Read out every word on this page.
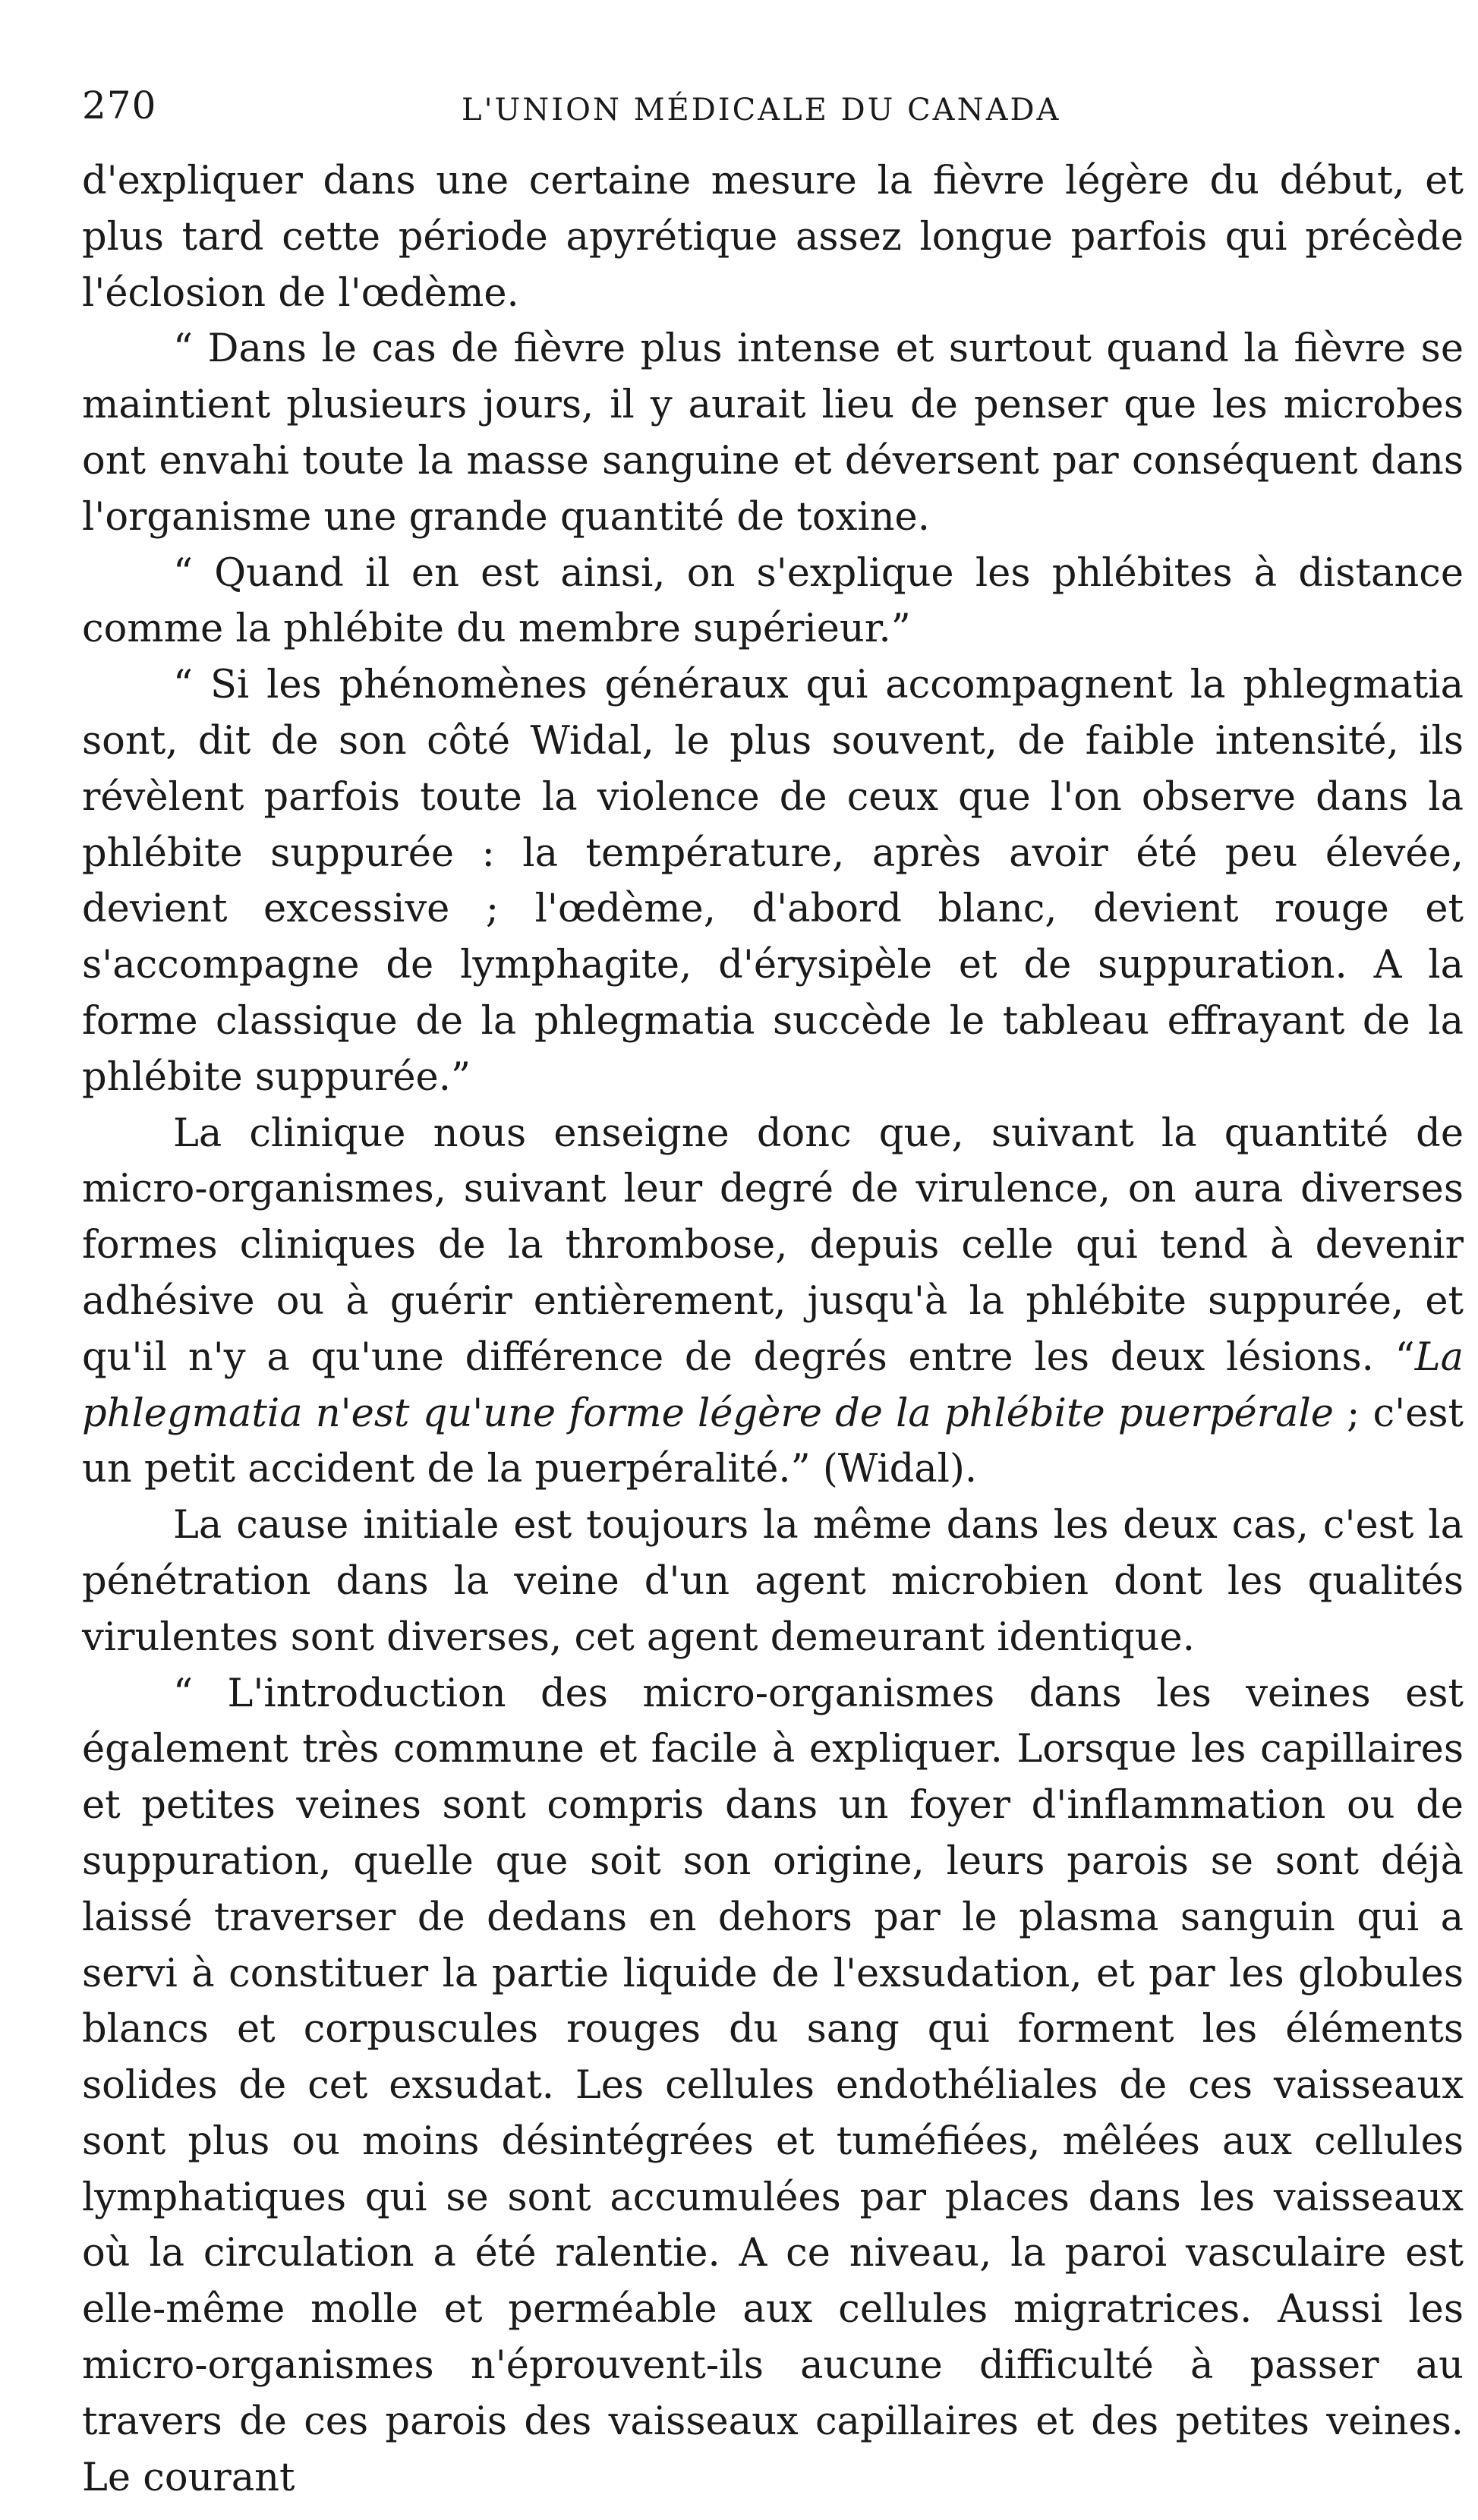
270	L'UNION MÉDICALE DU CANADA

d'expliquer dans une certaine mesure la fièvre légère du début, et plus tard cette période apyrétique assez longue parfois qui précède l'éclosion de l'œdème.

“ Dans le cas de fièvre plus intense et surtout quand la fièvre se maintient plusieurs jours, il y aurait lieu de penser que les microbes ont envahi toute la masse sanguine et déversent par conséquent dans l'organisme une grande quantité de toxine.

“ Quand il en est ainsi, on s'explique les phlébites à distance comme la phlébite du membre supérieur.”

“ Si les phénomènes généraux qui accompagnent la phlegmatia sont, dit de son côté Widal, le plus souvent, de faible intensité, ils révèlent parfois toute la violence de ceux que l'on observe dans la phlébite suppurée : la température, après avoir été peu élevée, devient excessive ; l'œdème, d'abord blanc, devient rouge et s'accompagne de lymphagite, d'érysipèle et de suppuration. A la forme classique de la phlegmatia succède le tableau effrayant de la phlébite suppurée.”

La clinique nous enseigne donc que, suivant la quantité de micro-organismes, suivant leur degré de virulence, on aura diverses formes cliniques de la thrombose, depuis celle qui tend à devenir adhésive ou à guérir entièrement, jusqu'à la phlébite suppurée, et qu'il n'y a qu'une différence de degrés entre les deux lésions. “La phlegmatia n'est qu'une forme légère de la phlébite puerpérale ; c'est un petit accident de la puerpéralité.” (Widal).

La cause initiale est toujours la même dans les deux cas, c'est la pénétration dans la veine d'un agent microbien dont les qualités virulentes sont diverses, cet agent demeurant identique.

“ L'introduction des micro-organismes dans les veines est également très commune et facile à expliquer. Lorsque les capillaires et petites veines sont compris dans un foyer d'inflammation ou de suppuration, quelle que soit son origine, leurs parois se sont déjà laissé traverser de dedans en dehors par le plasma sanguin qui a servi à constituer la partie liquide de l'exsudation, et par les globules blancs et corpuscules rouges du sang qui forment les éléments solides de cet exsudat. Les cellules endothéliales de ces vaisseaux sont plus ou moins désintégrées et tuméfiées, mêlées aux cellules lymphatiques qui se sont accumulées par places dans les vaisseaux où la circulation a été ralentie. A ce niveau, la paroi vasculaire est elle-même molle et perméable aux cellules migratrices. Aussi les micro-organismes n'éprouvent-ils aucune difficulté à passer au travers de ces parois des vaisseaux capillaires et des petites veines. Le courant
